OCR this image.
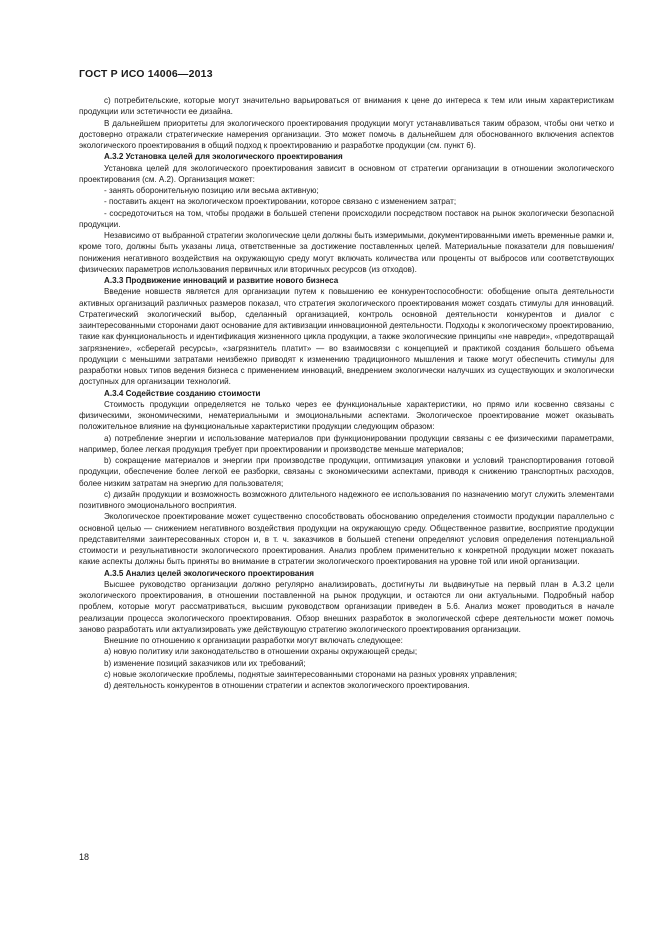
ГОСТ Р ИСО 14006—2013

c) потребительские, которые могут значительно варьироваться от внимания к цене до интереса к тем или иным характеристикам продукции или эстетичности ее дизайна.

В дальнейшем приоритеты для экологического проектирования продукции могут устанавливаться таким образом, чтобы они четко и достоверно отражали стратегические намерения организации. Это может помочь в дальнейшем для обоснованного включения аспектов экологического проектирования в общий подход к проектированию и разработке продукции (см. пункт 6).

А.3.2 Установка целей для экологического проектирования

Установка целей для экологического проектирования зависит в основном от стратегии организации в отношении экологического проектирования (см. А.2). Организация может:

- занять оборонительную позицию или весьма активную;

- поставить акцент на экологическом проектировании, которое связано с изменением затрат;

- сосредоточиться на том, чтобы продажи в большей степени происходили посредством поставок на рынок экологически безопасной продукции.

Независимо от выбранной стратегии экологические цели должны быть измеримыми, документированными иметь временные рамки и, кроме того, должны быть указаны лица, ответственные за достижение поставленных целей. Материальные показатели для повышения/понижения негативного воздействия на окружающую среду могут включать количества или проценты от выбросов или соответствующих физических параметров использования первичных или вторичных ресурсов (из отходов).

А.3.3 Продвижение инноваций и развитие нового бизнеса

Введение новшеств является для организации путем к повышению ее конкурентоспособности: обобщение опыта деятельности активных организаций различных размеров показал, что стратегия экологического проектирования может создать стимулы для инноваций. Стратегический экологический выбор, сделанный организацией, контроль основной деятельности конкурентов и диалог с заинтересованными сторонами дают основание для активизации инновационной деятельности. Подходы к экологическому проектированию, такие как функциональность и идентификация жизненного цикла продукции, а также экологические принципы «не навреди», «предотвращай загрязнение», «сберегай ресурсы», «загрязнитель платит» — во взаимосвязи с концепцией и практикой создания большего объема продукции с меньшими затратами неизбежно приводят к изменению традиционного мышления и также могут обеспечить стимулы для разработки новых типов ведения бизнеса с применением инноваций, внедрением экологически налучших из существующих и экологически доступных для организации технологий.

А.3.4 Содействие созданию стоимости

Стоимость продукции определяется не только через ее функциональные характеристики, но прямо или косвенно связаны с физическими, экономическими, нематериальными и эмоциональными аспектами. Экологическое проектирование может оказывать положительное влияние на функциональные характеристики продукции следующим образом:

a) потребление энергии и использование материалов при функционировании продукции связаны с ее физическими параметрами, например, более легкая продукция требует при проектировании и производстве меньше материалов;

b) сокращение материалов и энергии при производстве продукции, оптимизация упаковки и условий транспортирования готовой продукции, обеспечение более легкой ее разборки, связаны с экономическими аспектами, приводя к снижению транспортных расходов, более низким затратам на энергию для пользователя;

c) дизайн продукции и возможность возможного длительного надежного ее использования по назначению могут служить элементами позитивного эмоционального восприятия.

Экологическое проектирование может существенно способствовать обоснованию определения стоимости продукции параллельно с основной целью — снижением негативного воздействия продукции на окружающую среду. Общественное развитие, восприятие продукции представителями заинтересованных сторон и, в т. ч. заказчиков в большей степени определяют условия определения потенциальной стоимости и резульнативности экологического проектирования. Анализ проблем применительно к конкретной продукции может показать какие аспекты должны быть приняты во внимание в стратегии экологического проектирования на уровне той или иной организации.

А.3.5 Анализ целей экологического проектирования

Высшее руководство организации должно регулярно анализировать, достигнуты ли выдвинутые на первый план в А.3.2 цели экологического проектирования, в отношении поставленной на рынок продукции, и остаются ли они актуальными. Подробный набор проблем, которые могут рассматриваться, высшим руководством организации приведен в 5.6. Анализ может проводиться в начале реализации процесса экологического проектирования. Обзор внешних разработок в экологической сфере деятельности может помочь заново разработать или актуализировать уже действующую стратегию экологического проектирования организации.

Внешние по отношению к организации разработки могут включать следующее:

a) новую политику или законодательство в отношении охраны окружающей среды;

b) изменение позиций заказчиков или их требований;

c) новые экологические проблемы, поднятые заинтересованными сторонами на разных уровнях управления;

d) деятельность конкурентов в отношении стратегии и аспектов экологического проектирования.

18
